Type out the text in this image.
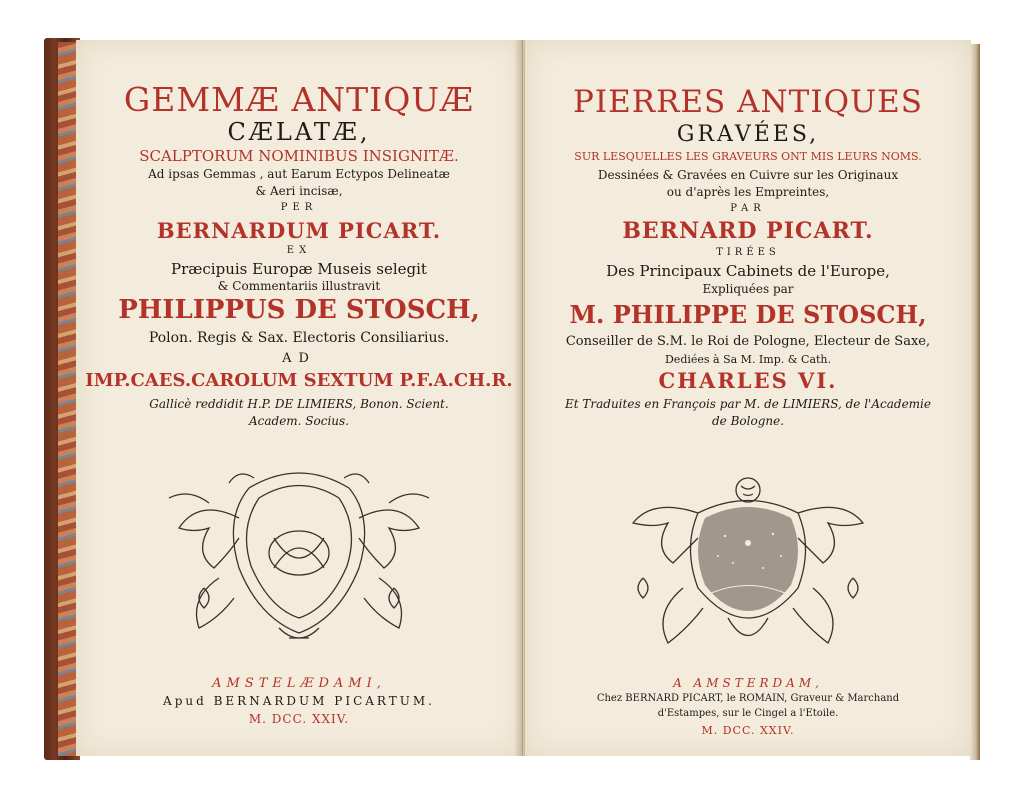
GEMMÆ ANTIQUÆ
CÆLATÆ,
SCALPTORUM NOMINIBUS INSIGNITÆ.
Ad ipsas Gemmas , aut Earum Ectypos Delineatæ
& Aeri incisæ,
PER
BERNARDUM PICART.
EX
Præcipuis Europæ Museis selegit
& Commentariis illustravit
PHILIPPUS DE STOSCH,
Polon. Regis & Sax. Electoris Consiliarius.
AD
IMP.CAES.CAROLUM SEXTUM P.F.A.CH.R.
Gallicè reddidit H.P. DE LIMIERS, Bonon. Scient.
Academ. Socius.
AMSTELÆDAMI,
Apud BERNARDUM PICARTUM.
M. DCC. XXIV.
PIERRES ANTIQUES
GRAVÉES,
SUR LESQUELLES LES GRAVEURS ONT MIS LEURS NOMS.
Dessinées & Gravées en Cuivre sur les Originaux
ou d'après les Empreintes,
PAR
BERNARD PICART.
TIRÉES
Des Principaux Cabinets de l'Europe,
Expliquées par
M. PHILIPPE DE STOSCH,
Conseiller de S.M. le Roi de Pologne, Electeur de Saxe,
Dediées à Sa M. Imp. & Cath.
CHARLES VI.
Et Traduites en François par M. de LIMIERS, de l'Academie
de Bologne.
A AMSTERDAM,
Chez BERNARD PICART, le ROMAIN, Graveur & Marchand
d'Estampes, sur le Cingel a l'Etoile.
M. DCC. XXIV.
